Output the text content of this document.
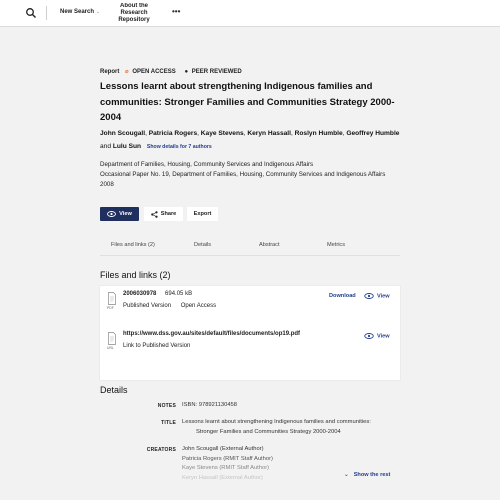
New Search ⌄
About the Research Repository
•••
Report ⌀ OPEN ACCESS ● PEER REVIEWED
Lessons learnt about strengthening Indigenous families and communities: Stronger Families and Communities Strategy 2000-2004
John Scougall, Patricia Rogers, Kaye Stevens, Keryn Hassall, Roslyn Humble, Geoffrey Humble and Lulu Sun Show details for 7 authors
Department of Families, Housing, Community Services and Indigenous Affairs
Occasional Paper No. 19, Department of Families, Housing, Community Services and Indigenous Affairs
2008
View	Share	Export
Files and links (2)	Details	Abstract	Metrics
Files and links (2)
PDF
2006030978 694.05 kB
Published Version Open Access
Download	View
URL
https://www.dss.gov.au/sites/default/files/documents/op19.pdf
Link to Published Version
View
Details
NOTES ISBN: 978921130458
TITLE Lessons learnt about strengthening Indigenous families and communities:
Stronger Families and Communities Strategy 2000-2004
CREATORS John Scougall (External Author)
Patricia Rogers (RMIT Staff Author)
Kaye Stevens (RMIT Staff Author)
Keryn Hassall (External Author)	⌄ Show the rest
